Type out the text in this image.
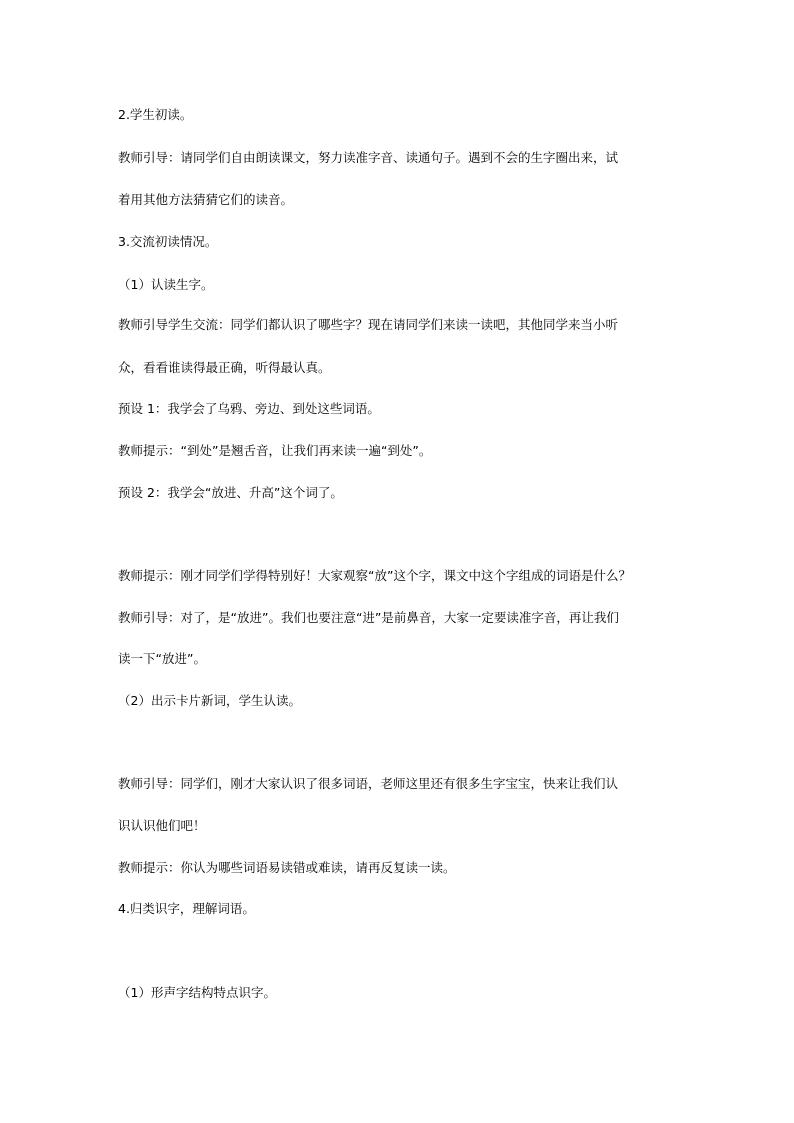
2.学生初读。
教师引导：请同学们自由朗读课文，努力读准字音、读通句子。遇到不会的生字圈出来，试
着用其他方法猜猜它们的读音。
3.交流初读情况。
（1）认读生字。
教师引导学生交流：同学们都认识了哪些字？现在请同学们来读一读吧，其他同学来当小听
众，看看谁读得最正确，听得最认真。
预设 1：我学会了乌鸦、旁边、到处这些词语。
教师提示：“到处”是翘舌音，让我们再来读一遍“到处”。
预设 2：我学会“放进、升高”这个词了。
教师提示：刚才同学们学得特别好！大家观察“放”这个字，课文中这个字组成的词语是什么？
教师引导：对了，是“放进”。我们也要注意“进”是前鼻音，大家一定要读准字音，再让我们
读一下“放进”。
（2）出示卡片新词，学生认读。
教师引导：同学们，刚才大家认识了很多词语，老师这里还有很多生字宝宝，快来让我们认
识认识他们吧！
教师提示：你认为哪些词语易读错或难读，请再反复读一读。
4.归类识字，理解词语。
（1）形声字结构特点识字。
